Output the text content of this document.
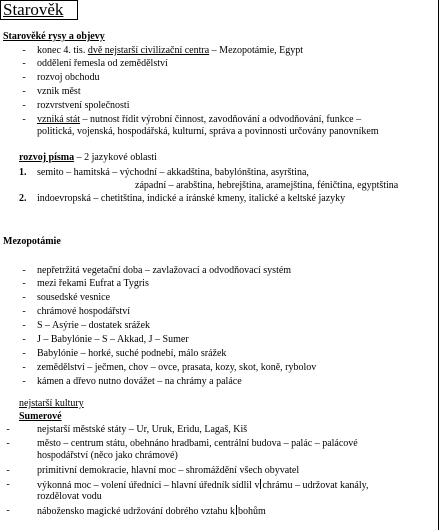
Starověk
Starověké rysy a objevy
-	konec 4. tis. dvě nejstarší civilizační centra – Mezopotámie, Egypt
-	oddělení řemesla od zemědělství
-	rozvoj obchodu
-	vznik měst
-	rozvrstvení společnosti
-	vzniká stát – nutnost řídit výrobní činnost, zavodňování a odvodňování, funkce –
politická, vojenská, hospodářská, kulturní, správa a povinnosti určovány panovníkem
rozvoj písma – 2 jazykové oblasti
1. semito – hamitská – východní – akkadština, babylónština, asyrština,
západní – arabština, hebrejština, aramejština, féničtina, egyptština
2. indoevropská – chetitština, indické a íránské kmeny, italické a keltské jazyky
Mezopotámie
-	nepřetržitá vegetační doba – zavlažovací a odvodňovací systém
-	mezi řekami Eufrat a Tygris
-	sousedské vesnice
-	chrámové hospodářství
-	S – Asýrie – dostatek srážek
-	J – Babylónie – S – Akkad, J – Sumer
-	Babylónie – horké, suché podnebí, málo srážek
-	zemědělství – ječmen, chov – ovce, prasata, kozy, skot, koně, rybolov
-	kámen a dřevo nutno dovážet – na chrámy a paláce
nejstarší kultury
Sumerové
-	nejstarší městské státy – Ur, Uruk, Eridu, Lagaš, Kiš
-	město – centrum státu, obehnáno hradbami, centrální budova – palác – palácové
hospodářství (něco jako chrámové)
-	primitivní demokracie, hlavní moc – shromáždění všech obyvatel
-	výkonná moc – volení úředníci – hlavní úředník sídlil v chrámu – udržovat kanály,
rozdělovat vodu
-	nábožensko magické udržování dobrého vztahu k bohům
